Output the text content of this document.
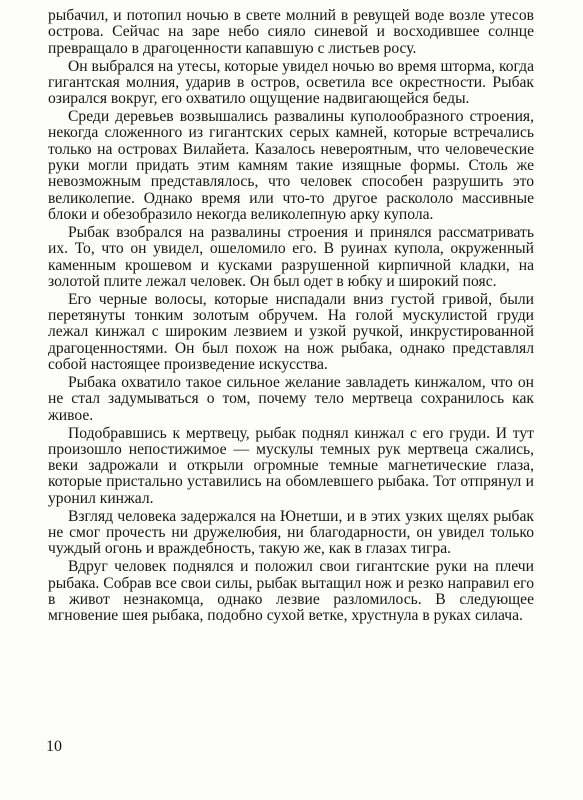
рыбачил, и потопил ночью в свете молний в ревущей воде возле утесов острова. Сейчас на заре небо сияло синевой и восходившее солнце превращало в драгоценности капавшую с листьев росу.

Он выбрался на утесы, которые увидел ночью во время шторма, когда гигантская молния, ударив в остров, осветила все окрестности. Рыбак озирался вокруг, его охватило ощущение надвигающейся беды.

Среди деревьев возвышались развалины куполообразного строения, некогда сложенного из гигантских серых камней, которые встречались только на островах Вилайета. Казалось невероятным, что человеческие руки могли придать этим камням такие изящные формы. Столь же невозможным представлялось, что человек способен разрушить это великолепие. Однако время или что-то другое раскололо массивные блоки и обезобразило некогда великолепную арку купола.

Рыбак взобрался на развалины строения и принялся рассматривать их. То, что он увидел, ошеломило его. В руинах купола, окруженный каменным крошевом и кусками разрушенной кирпичной кладки, на золотой плите лежал человек. Он был одет в юбку и широкий пояс.

Его черные волосы, которые ниспадали вниз густой гривой, были перетянуты тонким золотым обручем. На голой мускулистой груди лежал кинжал с широким лезвием и узкой ручкой, инкрустированной драгоценностями. Он был похож на нож рыбака, однако представлял собой настоящее произведение искусства.

Рыбака охватило такое сильное желание завладеть кинжалом, что он не стал задумываться о том, почему тело мертвеца сохранилось как живое.

Подобравшись к мертвецу, рыбак поднял кинжал с его груди. И тут произошло непостижимое — мускулы темных рук мертвеца сжались, веки задрожали и открыли огромные темные магнетические глаза, которые пристально уставились на обомлевшего рыбака. Тот отпрянул и уронил кинжал.

Взгляд человека задержался на Юнетши, и в этих узких щелях рыбак не смог прочесть ни дружелюбия, ни благодарности, он увидел только чуждый огонь и враждебность, такую же, как в глазах тигра.

Вдруг человек поднялся и положил свои гигантские руки на плечи рыбака. Собрав все свои силы, рыбак вытащил нож и резко направил его в живот незнакомца, однако лезвие разломилось. В следующее мгновение шея рыбака, подобно сухой ветке, хрустнула в руках силача.

10
